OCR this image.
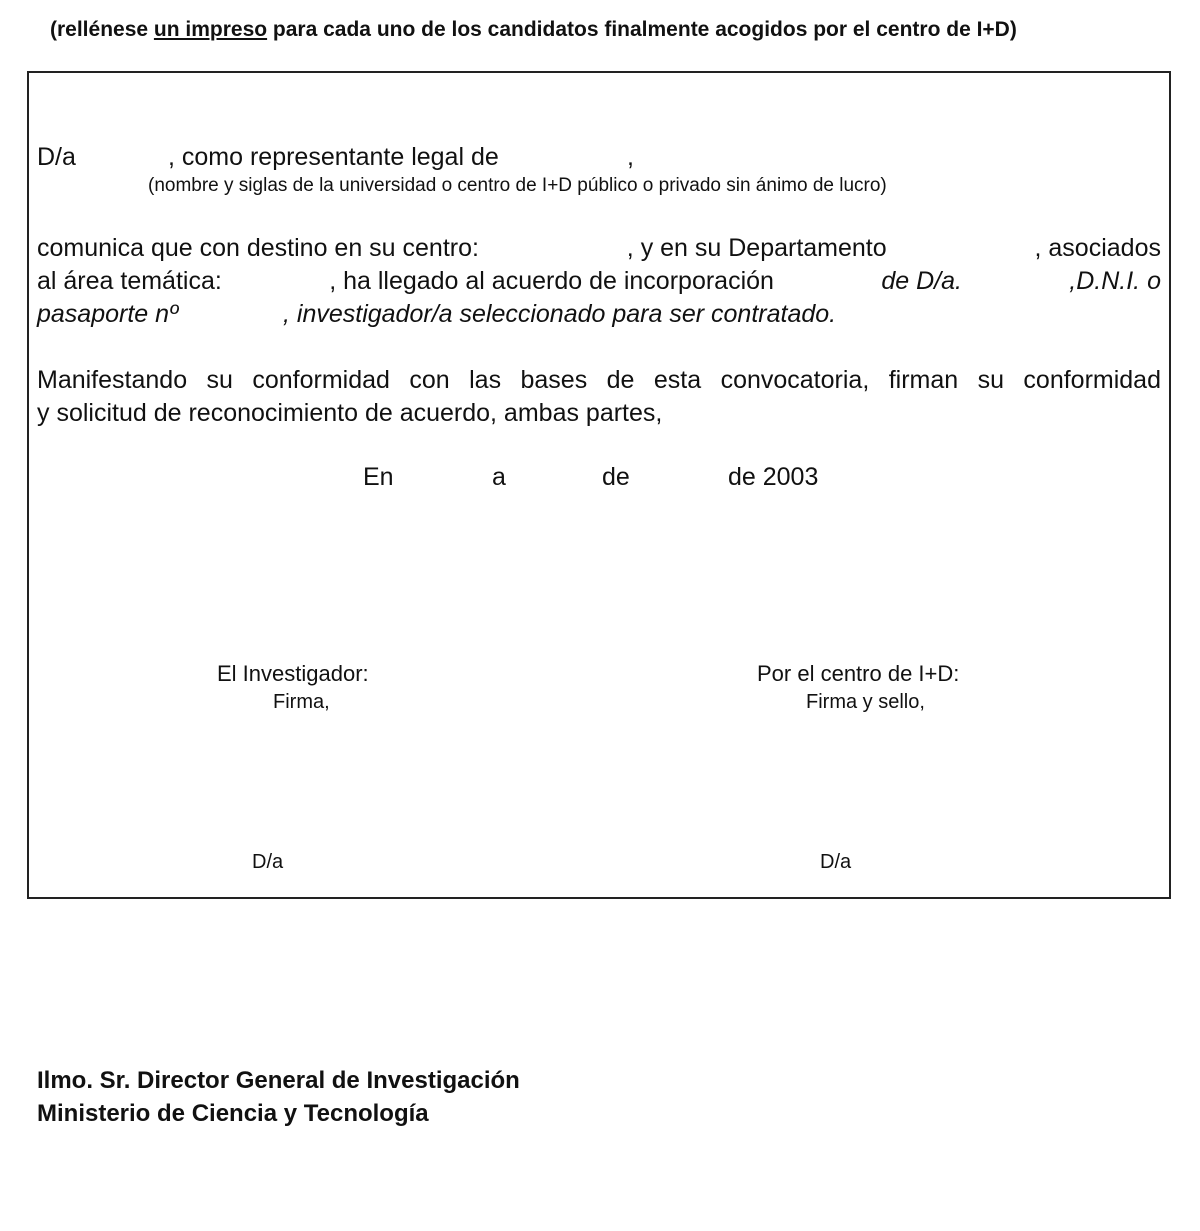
(rellénese un impreso para cada uno de los candidatos finalmente acogidos por el centro de I+D)
D/a	, como representante legal de	,
(nombre y siglas de la universidad o centro de I+D público o privado sin ánimo de lucro)
comunica que con destino en su centro:	, y en su Departamento	, asociados
al área temática:	, ha llegado al acuerdo de incorporación	de D/a.	,D.N.I. o
pasaporte nº	, investigador/a seleccionado para ser contratado.
Manifestando su conformidad con las bases de esta convocatoria, firman su conformidad
y solicitud de reconocimiento de acuerdo, ambas partes,
En	a	de	de 2003
El Investigador:
Firma,
Por el centro de I+D:
Firma y sello,
D/a	D/a
Ilmo. Sr. Director General de Investigación
Ministerio de Ciencia y Tecnología
